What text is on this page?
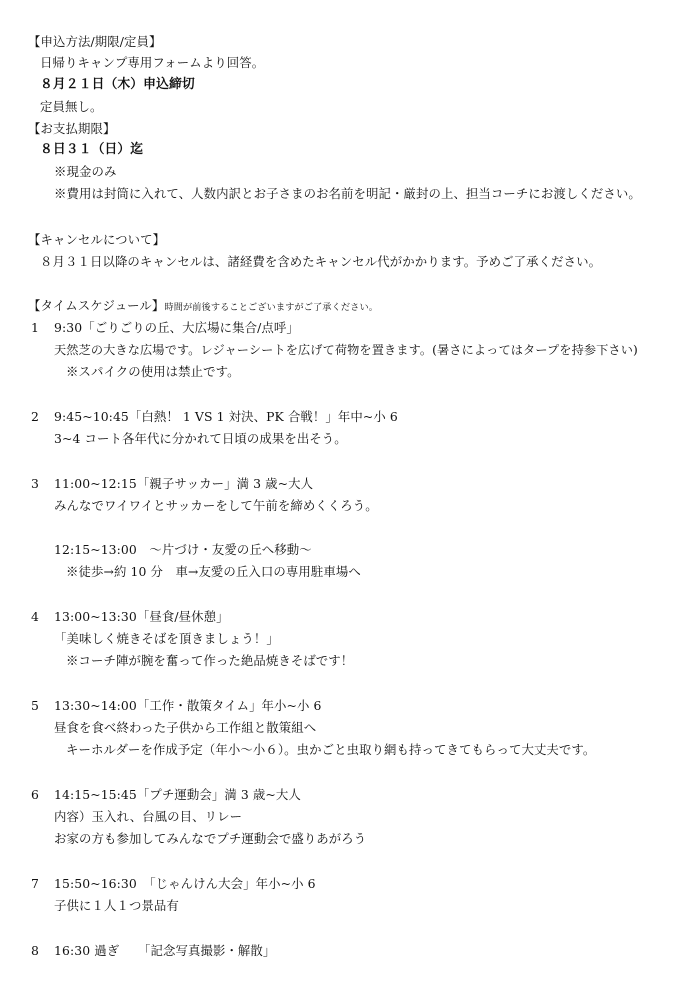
【申込方法/期限/定員】
日帰りキャンプ専用フォームより回答。
８月２１日（木）申込締切
定員無し。
【お支払期限】
８日３１（日）迄
※現金のみ
※費用は封筒に入れて、人数内訳とお子さまのお名前を明記・厳封の上、担当コーチにお渡しください。
【キャンセルについて】
８月３１日以降のキャンセルは、諸経費を含めたキャンセル代がかかります。予めご了承ください。
【タイムスケジュール】時間が前後することございますがご了承ください。
1 9:30「ごりごりの丘、大広場に集合/点呼」
天然芝の大きな広場です。レジャーシートを広げて荷物を置きます。(暑さによってはタープを持参下さい)
※スパイクの使用は禁止です。
2 9:45~10:45「白熱！ 1 VS 1 対決、PK 合戦！」年中~小 6
3~4 コート各年代に分かれて日頃の成果を出そう。
3 11:00~12:15「親子サッカー」満 3 歳~大人
みんなでワイワイとサッカーをして午前を締めくくろう。
12:15~13:00　～片づけ・友愛の丘へ移動～
※徒歩→約 10 分　車→友愛の丘入口の専用駐車場へ
4 13:00~13:30「昼食/昼休憩」
「美味しく焼きそばを頂きましょう！」
※コーチ陣が腕を奮って作った絶品焼きそばです！
5 13:30~14:00「工作・散策タイム」年小~小 6
昼食を食べ終わった子供から工作組と散策組へ
キーホルダーを作成予定（年小～小６）。虫かごと虫取り網も持ってきてもらって大丈夫です。
6 14:15~15:45「プチ運動会」満 3 歳~大人
内容）玉入れ、台風の目、リレー
お家の方も参加してみんなでプチ運動会で盛りあがろう
7 15:50~16:30　「じゃんけん大会」年小~小 6
子供に１人１つ景品有
8 16:30 過ぎ　　「記念写真撮影・解散」
